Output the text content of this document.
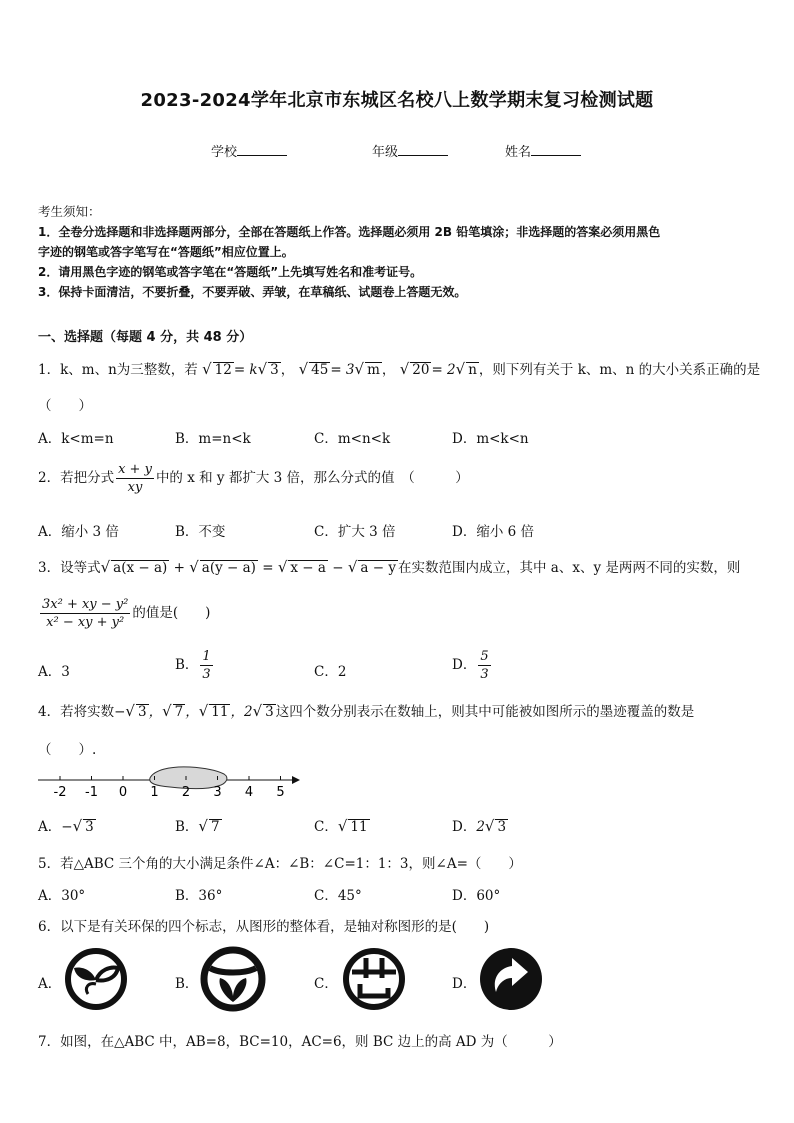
2023-2024学年北京市东城区名校八上数学期末复习检测试题
学校	年级	姓名
考生须知：
1．全卷分选择题和非选择题两部分，全部在答题纸上作答。选择题必须用 2B 铅笔填涂；非选择题的答案必须用黑色
字迹的钢笔或答字笔写在“答题纸”相应位置上。
2．请用黑色字迹的钢笔或答字笔在“答题纸”上先填写姓名和准考证号。
3．保持卡面清洁，不要折叠，不要弄破、弄皱，在草稿纸、试题卷上答题无效。
一、选择题（每题 4 分，共 48 分）
1．k、m、n为三整数，若 √ 12 = k√ 3 ， √ 45 = 3√ m ， √ 20 = 2√ n ，则下列有关于 k、m、n 的大小关系正确的是
（　　）
A．k<m=n	B．m=n<k	C．m<n<k	D．m<k<n
2．若把分式 $\frac{x + y}{xy}$ 中的 x 和 y 都扩大 3 倍，那么分式的值　（　　　）
A．缩小 3 倍	B．不变	C．扩大 3 倍	D．缩小 6 倍
3．设等式√ a(x − a) + √ a(y − a) = √ x − a − √ a − y 在实数范围内成立，其中 a、x、y 是两两不同的实数，则
$\frac{\text{3x² + xy − y²}}{\text{x² − xy + y²}}$ 的值是(　　)
A．3	B． $\frac{1}{3}$	C．2	D． $\frac{5}{3}$
4．若将实数−√ 3 ，√ 7 ，√ 11 ，2√ 3 这四个数分别表示在数轴上，则其中可能被如图所示的墨迹覆盖的数是
（　　）.
-2 -1 0 1 2 3 4 5
A．−√ 3	B．√ 7	C．√ 11	D．2√ 3
5．若△ABC 三个角的大小满足条件∠A：∠B：∠C=1：1：3，则∠A=（　　）
A．30°	B．36°	C．45°	D．60°
6．以下是有关环保的四个标志，从图形的整体看，是轴对称图形的是(　　)
A．	B．	C．	D．
7．如图，在△ABC 中，AB=8，BC=10，AC=6，则 BC 边上的高 AD 为（　　　）
